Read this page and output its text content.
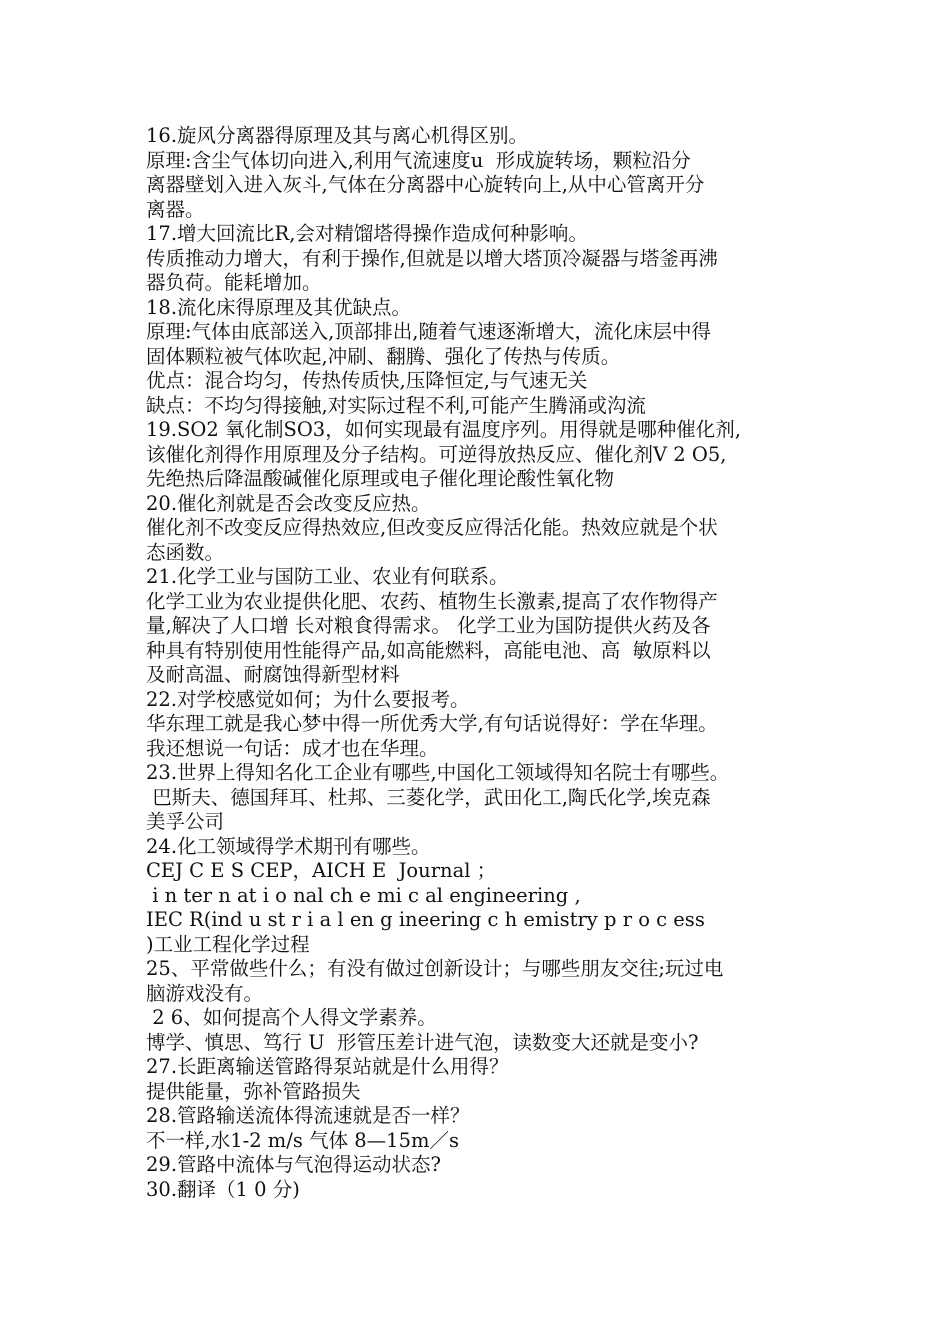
16.旋风分离器得原理及其与离心机得区别。
原理:含尘气体切向进入,利用气流速度u  形成旋转场，颗粒沿分
离器壁划入进入灰斗,气体在分离器中心旋转向上,从中心管离开分
离器。
17.增大回流比R,会对精馏塔得操作造成何种影响。
传质推动力增大，有利于操作,但就是以增大塔顶冷凝器与塔釜再沸
器负荷。能耗增加。
18.流化床得原理及其优缺点。
原理:气体由底部送入,顶部排出,随着气速逐渐增大，流化床层中得
固体颗粒被气体吹起,冲刷、翻腾、强化了传热与传质。
优点：混合均匀，传热传质快,压降恒定,与气速无关
缺点：不均匀得接触,对实际过程不利,可能产生腾涌或沟流
19.SO2 氧化制SO3，如何实现最有温度序列。用得就是哪种催化剂,
该催化剂得作用原理及分子结构。可逆得放热反应、催化剂V 2 O5,
先绝热后降温酸碱催化原理或电子催化理论酸性氧化物
20.催化剂就是否会改变反应热。
催化剂不改变反应得热效应,但改变反应得活化能。热效应就是个状
态函数。
21.化学工业与国防工业、农业有何联系。
化学工业为农业提供化肥、农药、植物生长激素,提高了农作物得产
量,解决了人口增 长对粮食得需求。 化学工业为国防提供火药及各
种具有特别使用性能得产品,如高能燃料，高能电池、高  敏原料以
及耐高温、耐腐蚀得新型材料
22.对学校感觉如何；为什么要报考。
华东理工就是我心梦中得一所优秀大学,有句话说得好：学在华理。
我还想说一句话：成才也在华理。
23.世界上得知名化工企业有哪些,中国化工领域得知名院士有哪些。
巴斯夫、德国拜耳、杜邦、三菱化学，武田化工,陶氏化学,埃克森
美孚公司
24.化工领域得学术期刊有哪些。
CEJ C E S CEP，AICH E  Journal ；
i n ter n at i o nal ch e mi c al engineering ,
IEC R(ind u st r i a l en g ineering c h emistry p r o c ess
)工业工程化学过程
25、平常做些什么；有没有做过创新设计；与哪些朋友交往;玩过电
脑游戏没有。
2 6、如何提高个人得文学素养。
博学、慎思、笃行 U  形管压差计进气泡，读数变大还就是变小?
27.长距离输送管路得泵站就是什么用得？
提供能量，弥补管路损失
28.管路输送流体得流速就是否一样？
不一样,水1-2 m/s 气体 8—15m／s
29.管路中流体与气泡得运动状态?
30.翻译（1 0 分)
